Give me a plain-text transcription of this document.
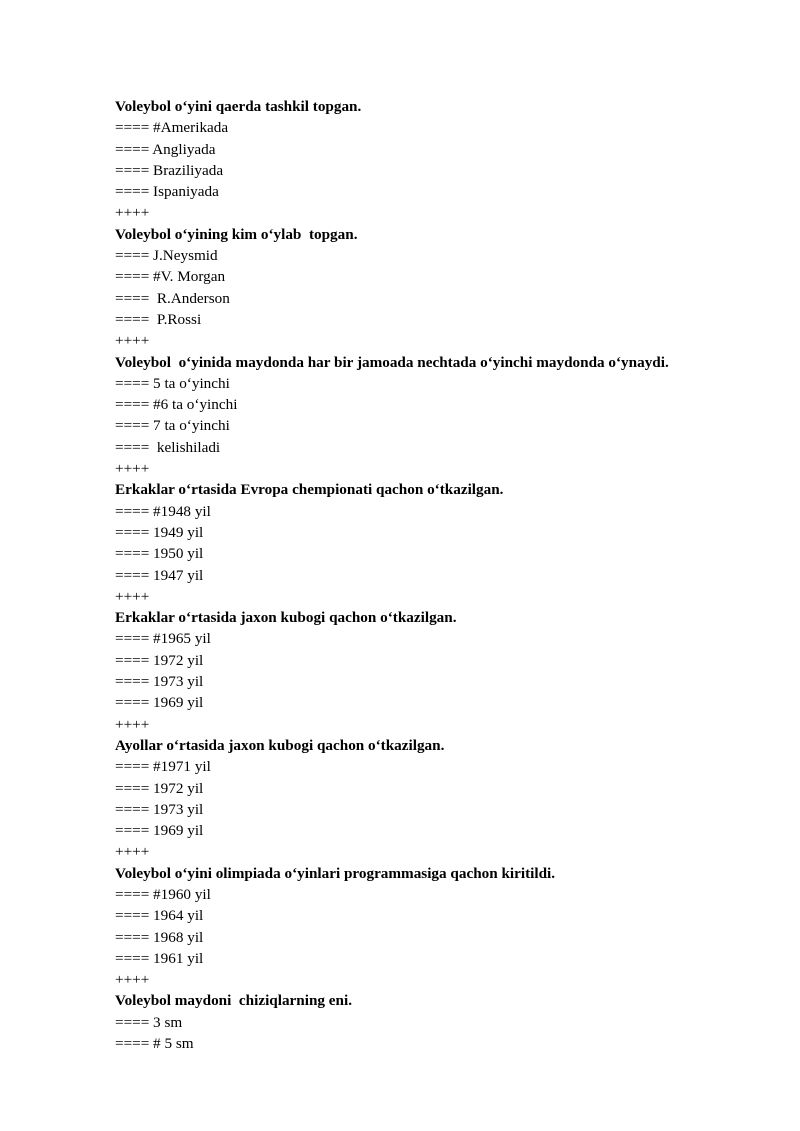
Voleybol o‘yini qaerda tashkil topgan.
==== #Amerikada
==== Angliyada
==== Braziliyada
==== Ispaniyada
++++
Voleybol o‘yining kim o‘ylab  topgan.
==== J.Neysmid
==== #V. Morgan
====  R.Anderson
====  P.Rossi
++++
Voleybol  o‘yinida maydonda har bir jamoada nechtada o‘yinchi maydonda o‘ynaydi.
==== 5 ta o‘yinchi
==== #6 ta o‘yinchi
==== 7 ta o‘yinchi
====  kelishiladi
++++
Erkaklar o‘rtasida Evropa chempionati qachon o‘tkazilgan.
==== #1948 yil
==== 1949 yil
==== 1950 yil
==== 1947 yil
++++
Erkaklar o‘rtasida jaxon kubogi qachon o‘tkazilgan.
==== #1965 yil
==== 1972 yil
==== 1973 yil
==== 1969 yil
++++
Ayollar o‘rtasida jaxon kubogi qachon o‘tkazilgan.
==== #1971 yil
==== 1972 yil
==== 1973 yil
==== 1969 yil
++++
Voleybol o‘yini olimpiada o‘yinlari programmasiga qachon kiritildi.
==== #1960 yil
==== 1964 yil
==== 1968 yil
==== 1961 yil
++++
Voleybol maydoni  chiziqlarning eni.
==== 3 sm
==== # 5 sm
